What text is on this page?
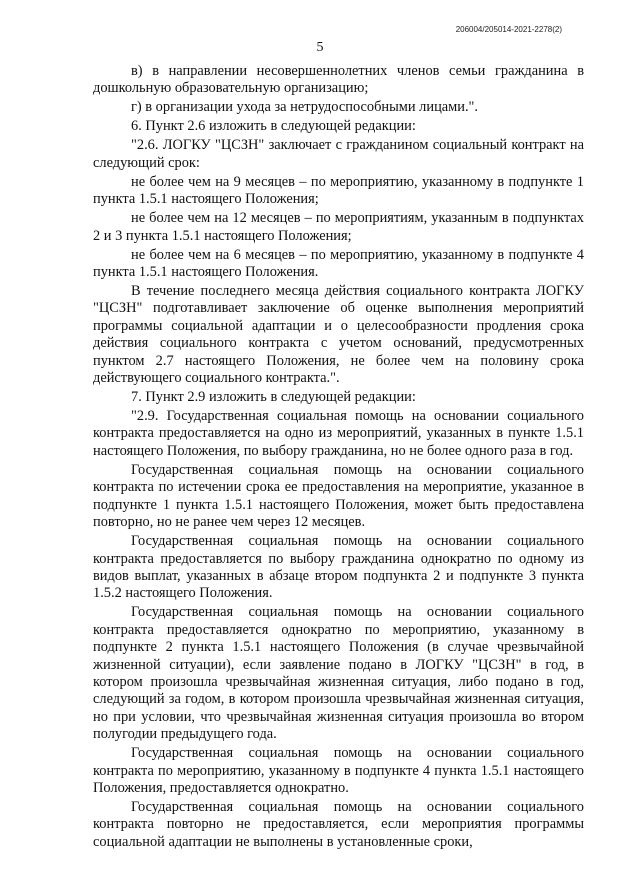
206004/205014-2021-2278(2)
5

в) в направлении несовершеннолетних членов семьи гражданина в дошкольную образовательную организацию;

г) в организации ухода за нетрудоспособными лицами.".

6. Пункт 2.6 изложить в следующей редакции:

"2.6. ЛОГКУ "ЦСЗН" заключает с гражданином социальный контракт на следующий срок:

не более чем на 9 месяцев – по мероприятию, указанному в подпункте 1 пункта 1.5.1 настоящего Положения;

не более чем на 12 месяцев – по мероприятиям, указанным в подпунктах 2 и 3 пункта 1.5.1 настоящего Положения;

не более чем на 6 месяцев – по мероприятию, указанному в подпункте 4 пункта 1.5.1 настоящего Положения.

В течение последнего месяца действия социального контракта ЛОГКУ "ЦСЗН" подготавливает заключение об оценке выполнения мероприятий программы социальной адаптации и о целесообразности продления срока действия социального контракта с учетом оснований, предусмотренных пунктом 2.7 настоящего Положения, не более чем на половину срока действующего социального контракта.".

7. Пункт 2.9 изложить в следующей редакции:

"2.9. Государственная социальная помощь на основании социального контракта предоставляется на одно из мероприятий, указанных в пункте 1.5.1 настоящего Положения, по выбору гражданина, но не более одного раза в год.

Государственная социальная помощь на основании социального контракта по истечении срока ее предоставления на мероприятие, указанное в подпункте 1 пункта 1.5.1 настоящего Положения, может быть предоставлена повторно, но не ранее чем через 12 месяцев.

Государственная социальная помощь на основании социального контракта предоставляется по выбору гражданина однократно по одному из видов выплат, указанных в абзаце втором подпункта 2 и подпункте 3 пункта 1.5.2 настоящего Положения.

Государственная социальная помощь на основании социального контракта предоставляется однократно по мероприятию, указанному в подпункте 2 пункта 1.5.1 настоящего Положения (в случае чрезвычайной жизненной ситуации), если заявление подано в ЛОГКУ "ЦСЗН" в год, в котором произошла чрезвычайная жизненная ситуация, либо подано в год, следующий за годом, в котором произошла чрезвычайная жизненная ситуация, но при условии, что чрезвычайная жизненная ситуация произошла во втором полугодии предыдущего года.

Государственная социальная помощь на основании социального контракта по мероприятию, указанному в подпункте 4 пункта 1.5.1 настоящего Положения, предоставляется однократно.

Государственная социальная помощь на основании социального контракта повторно не предоставляется, если мероприятия программы социальной адаптации не выполнены в установленные сроки,
